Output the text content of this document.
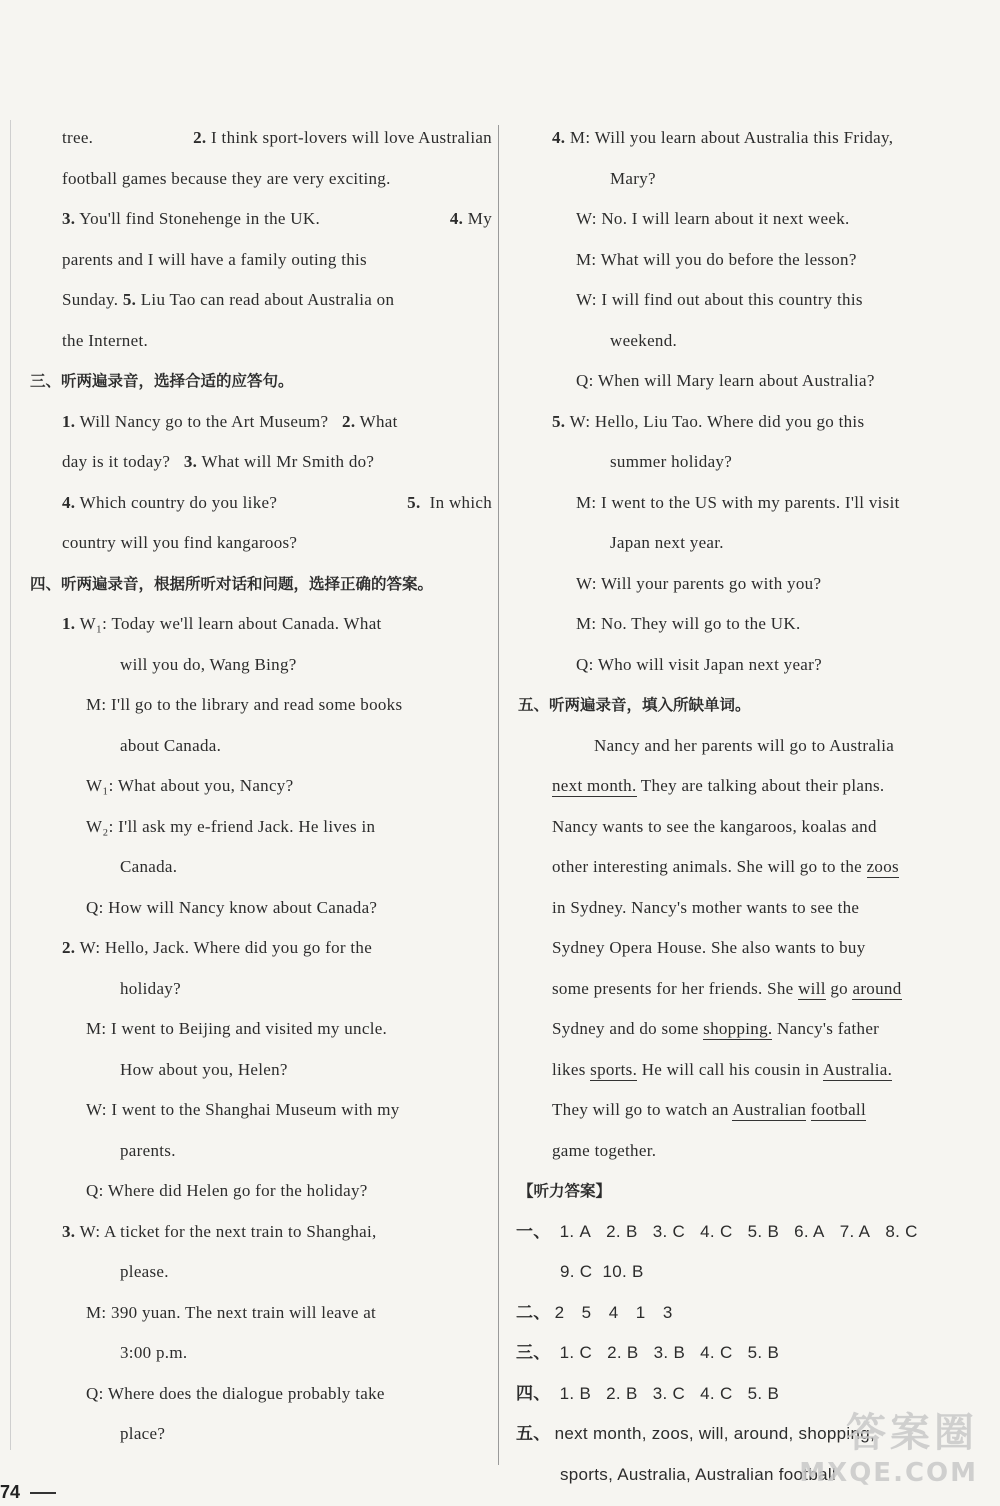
tree.	2. I think sport-lovers will love Australian
football games because they are very exciting.
3. You'll find Stonehenge in the UK.	4. My
parents and I will have a family outing this
Sunday. 5. Liu Tao can read about Australia on
the Internet.
三、听两遍录音，选择合适的应答句。
1. Will Nancy go to the Art Museum? 2. What
day is it today? 3. What will Mr Smith do?
4. Which country do you like?	5. In which
country will you find kangaroos?
四、听两遍录音，根据所听对话和问题，选择正确的答案。
1. W₁: Today we'll learn about Canada. What
will you do, Wang Bing?
M: I'll go to the library and read some books
about Canada.
W₁: What about you, Nancy?
W₂: I'll ask my e-friend Jack. He lives in
Canada.
Q: How will Nancy know about Canada?
2. W: Hello, Jack. Where did you go for the
holiday?
M: I went to Beijing and visited my uncle.
How about you, Helen?
W: I went to the Shanghai Museum with my
parents.
Q: Where did Helen go for the holiday?
3. W: A ticket for the next train to Shanghai,
please.
M: 390 yuan. The next train will leave at
3:00 p.m.
Q: Where does the dialogue probably take
place?
4. M: Will you learn about Australia this Friday,
Mary?
W: No. I will learn about it next week.
M: What will you do before the lesson?
W: I will find out about this country this
weekend.
Q: When will Mary learn about Australia?
5. W: Hello, Liu Tao. Where did you go this
summer holiday?
M: I went to the US with my parents. I'll visit
Japan next year.
W: Will your parents go with you?
M: No. They will go to the UK.
Q: Who will visit Japan next year?
五、听两遍录音，填入所缺单词。
Nancy and her parents will go to Australia
next month. They are talking about their plans.
Nancy wants to see the kangaroos, koalas and
other interesting animals. She will go to the zoos
in Sydney. Nancy's mother wants to see the
Sydney Opera House. She also wants to buy
some presents for her friends. She will go around
Sydney and do some shopping. Nancy's father
likes sports. He will call his cousin in Australia.
They will go to watch an Australian football
game together.
【听力答案】
一、 1. A 2. B 3. C 4. C 5. B 6. A 7. A 8. C
9. C 10. B
二、 2　5　4　1　3
三、 1. C 2. B 3. B 4. C 5. B
四、 1. B 2. B 3. C 4. C 5. B
五、 next month, zoos, will, around, shopping,
sports, Australia, Australian football
74
答案圈
MXQE.COM
